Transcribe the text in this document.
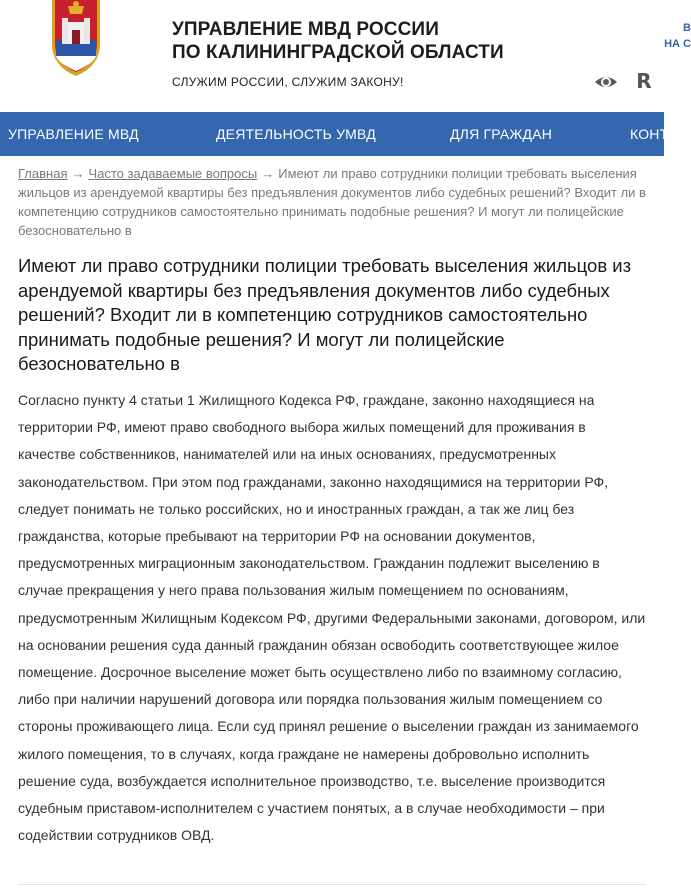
УПРАВЛЕНИЕ МВД РОССИИ
ПО КАЛИНИНГРАДСКОЙ ОБЛАСТИ
СЛУЖИМ РОССИИ, СЛУЖИМ ЗАКОНУ!
В
НА С
R
УПРАВЛЕНИЕ МВД	ДЕЯТЕЛЬНОСТЬ УМВД	ДЛЯ ГРАЖДАН	КОНТ
Главная → Часто задаваемые вопросы → Имеют ли право сотрудники полиции требовать выселения жильцов из арендуемой квартиры без предъявления документов либо судебных решений? Входит ли в компетенцию сотрудников самостоятельно принимать подобные решения? И могут ли полицейские безосновательно в
Имеют ли право сотрудники полиции требовать выселения жильцов из арендуемой квартиры без предъявления документов либо судебных решений? Входит ли в компетенцию сотрудников самостоятельно принимать подобные решения? И могут ли полицейские безосновательно в

Согласно пункту 4 статьи 1 Жилищного Кодекса РФ, граждане, законно находящиеся на территории РФ, имеют право свободного выбора жилых помещений для проживания в качестве собственников, нанимателей или на иных основаниях, предусмотренных законодательством. При этом под гражданами, законно находящимися на территории РФ, следует понимать не только российских, но и иностранных граждан, а так же лиц без гражданства, которые пребывают на территории РФ на основании документов, предусмотренных миграционным законодательством. Гражданин подлежит выселению в случае прекращения у него права пользования жилым помещением по основаниям, предусмотренным Жилищным Кодексом РФ, другими Федеральными законами, договором, или на основании решения суда данный гражданин обязан освободить соответствующее жилое помещение. Досрочное выселение может быть осуществлено либо по взаимному согласию, либо при наличии нарушений договора или порядка пользования жилым помещением со стороны проживающего лица. Если суд принял решение о выселении граждан из занимаемого жилого помещения, то в случаях, когда граждане не намерены добровольно исполнить решение суда, возбуждается исполнительное производство, т.е. выселение производится судебным приставом-исполнителем с участием понятых, а в случае необходимости – при содействии сотрудников ОВД.
